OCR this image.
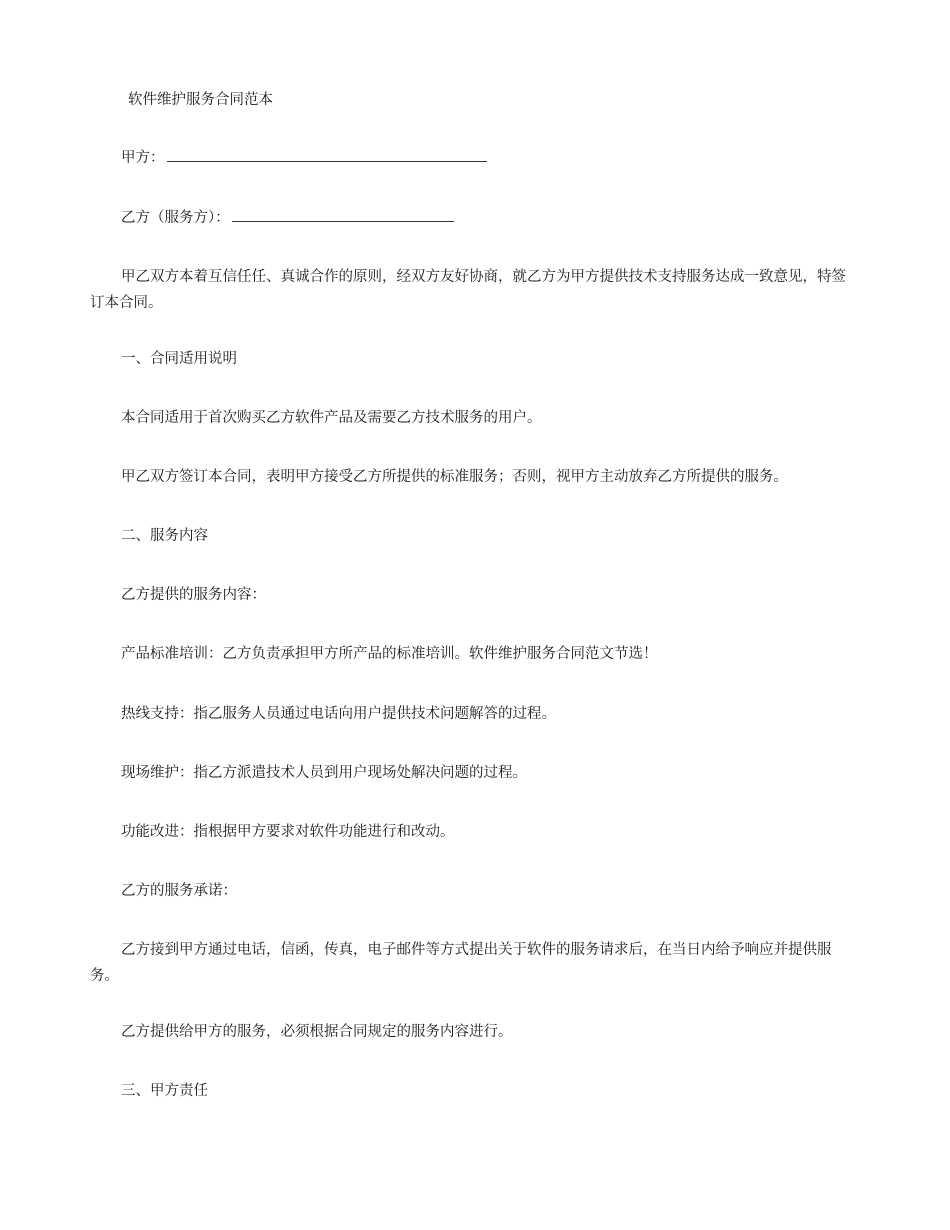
软件维护服务合同范本
甲方：
乙方（服务方）：
甲乙双方本着互信任任、真诚合作的原则，经双方友好协商，就乙方为甲方提供技术支持服务达成一致意见，特签订本合同。
一、合同适用说明
本合同适用于首次购买乙方软件产品及需要乙方技术服务的用户。
甲乙双方签订本合同，表明甲方接受乙方所提供的标准服务；否则，视甲方主动放弃乙方所提供的服务。
二、服务内容
乙方提供的服务内容：
产品标准培训：乙方负责承担甲方所产品的标准培训。软件维护服务合同范文节选！
热线支持：指乙服务人员通过电话向用户提供技术问题解答的过程。
现场维护：指乙方派遣技术人员到用户现场处解决问题的过程。
功能改进：指根据甲方要求对软件功能进行和改动。
乙方的服务承诺：
乙方接到甲方通过电话，信函，传真，电子邮件等方式提出关于软件的服务请求后，在当日内给予响应并提供服务。
乙方提供给甲方的服务，必须根据合同规定的服务内容进行。
三、甲方责任
